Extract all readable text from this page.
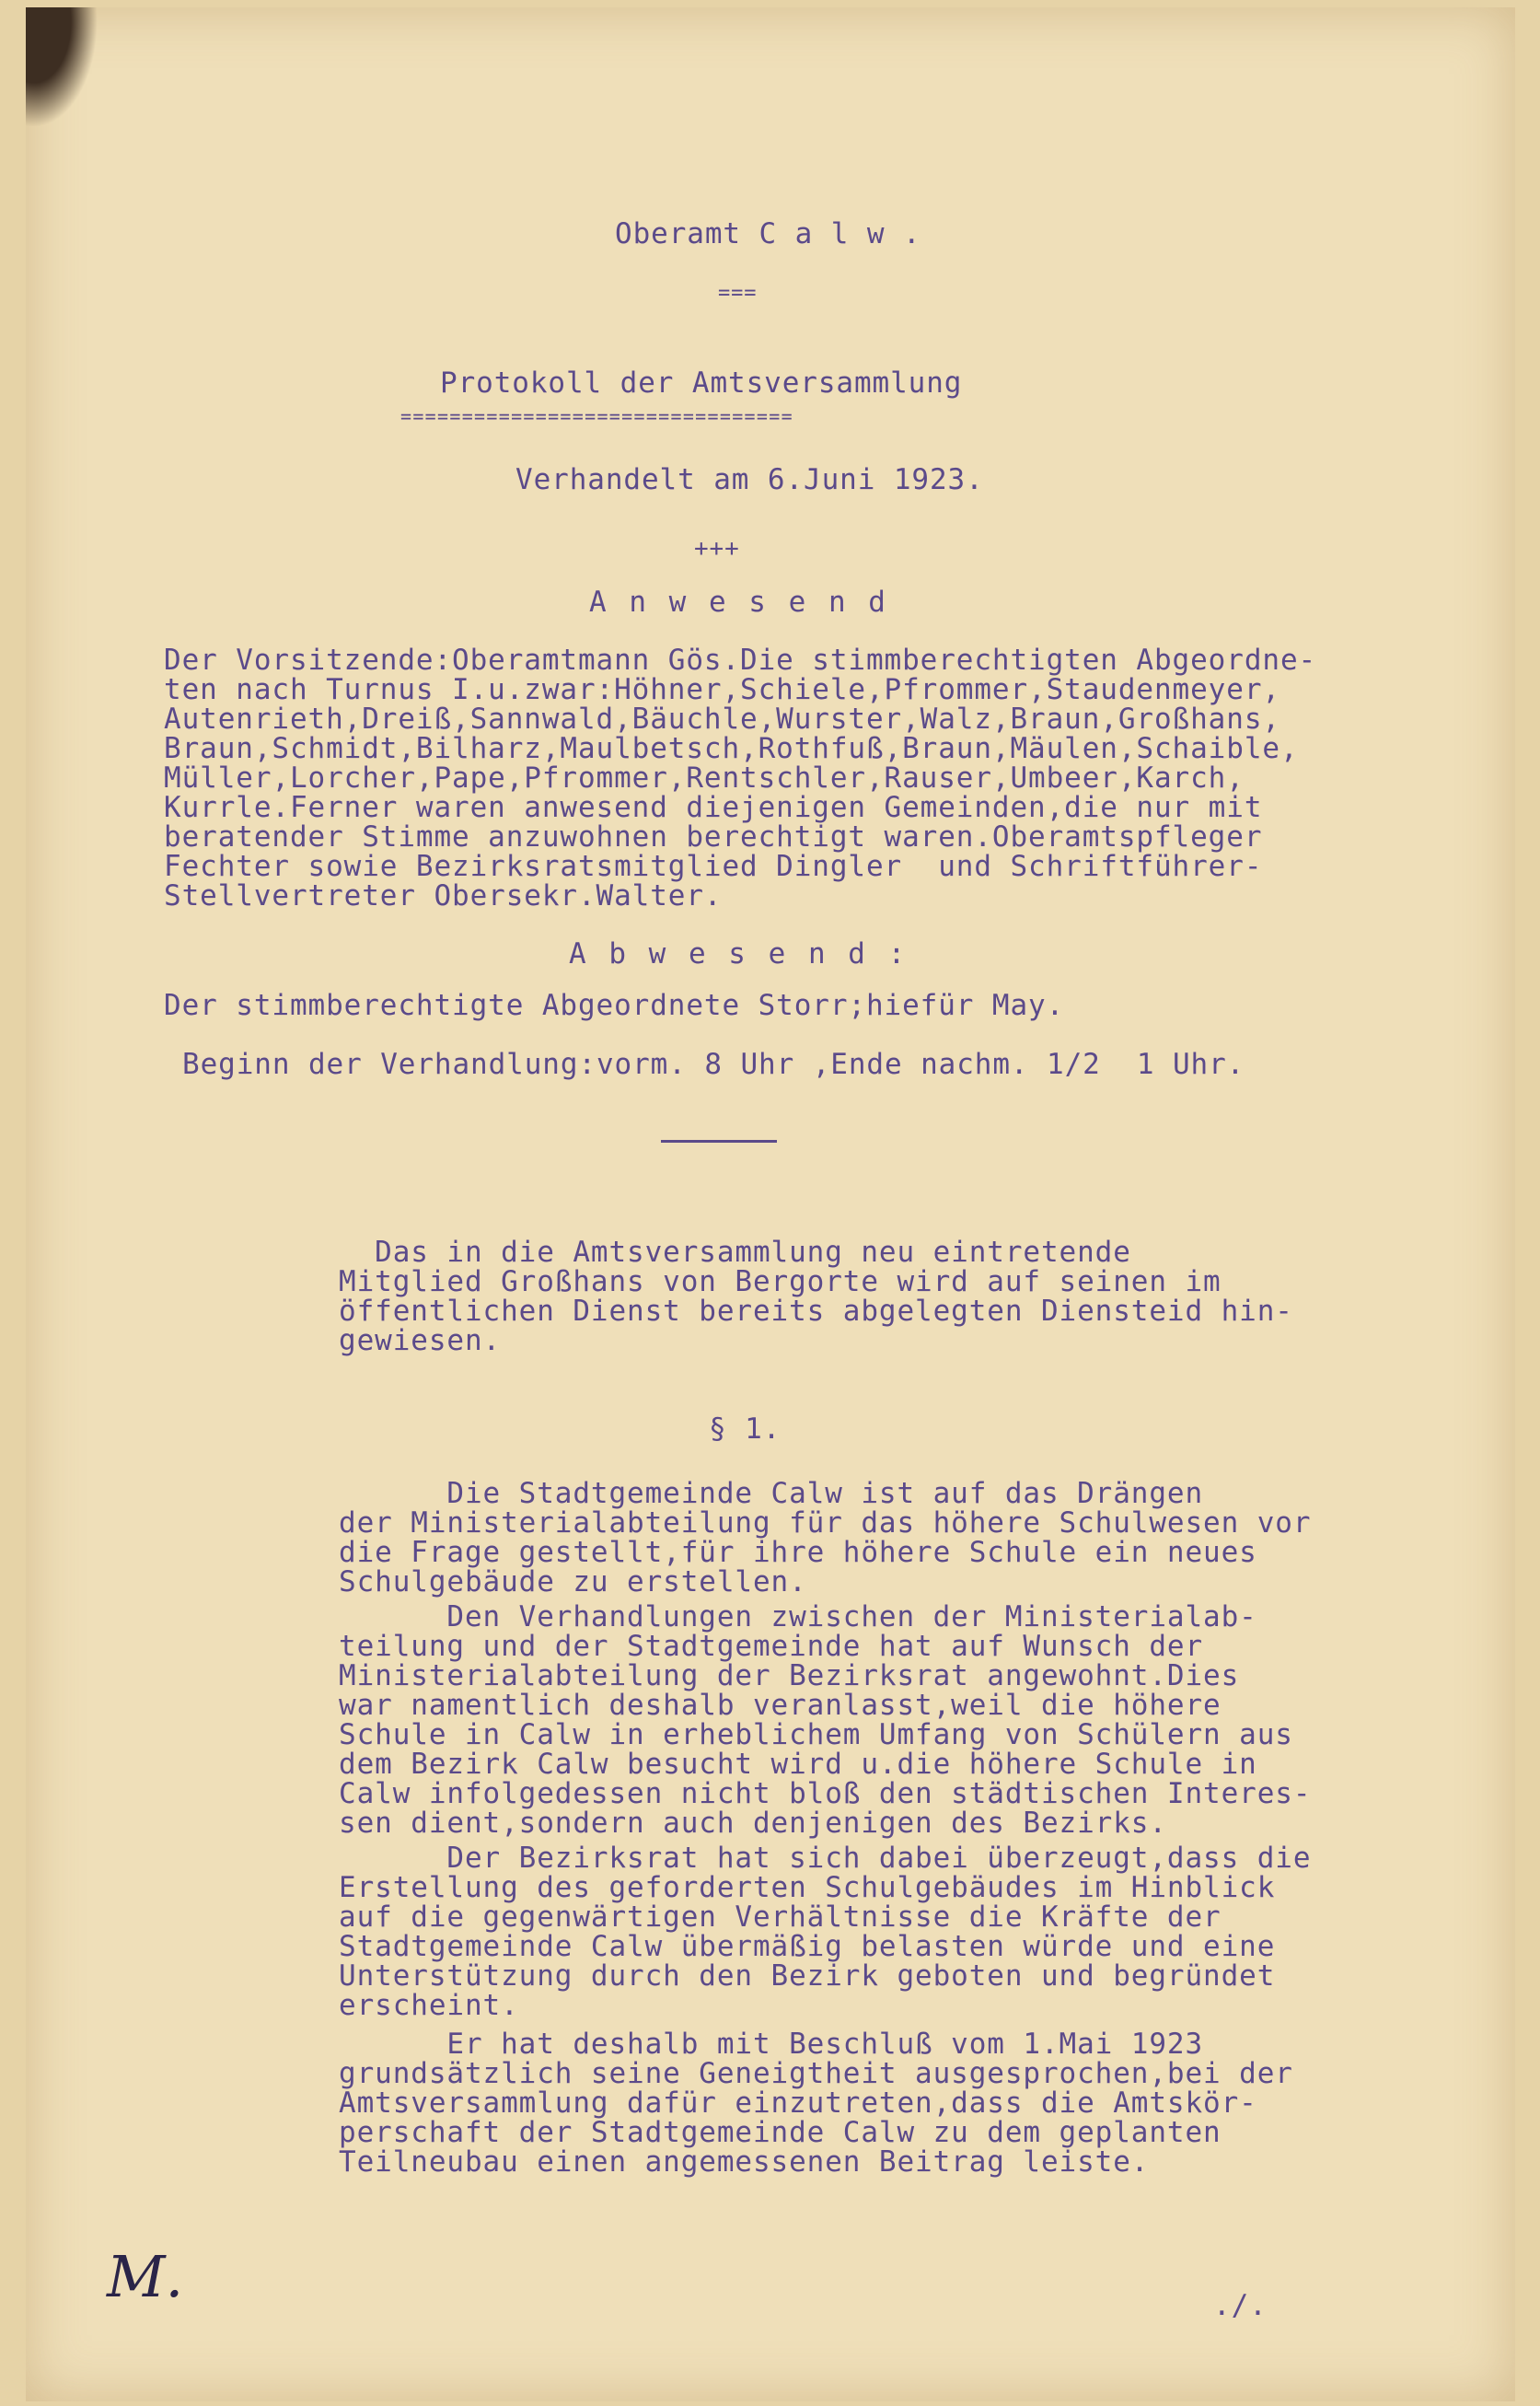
Oberamt C a l w .
===
Protokoll der Amtsversammlung
================================
Verhandelt am 6.Juni 1923.
+++
A n w e s e n d
Der Vorsitzende:Oberamtmann Gös.Die stimmberechtigten Abgeordne-
ten nach Turnus I.u.zwar:Höhner,Schiele,Pfrommer,Staudenmeyer,
Autenrieth,Dreiß,Sannwald,Bäuchle,Wurster,Walz,Braun,Großhans,
Braun,Schmidt,Bilharz,Maulbetsch,Rothfuß,Braun,Mäulen,Schaible,
Müller,Lorcher,Pape,Pfrommer,Rentschler,Rauser,Umbeer,Karch,
Kurrle.Ferner waren anwesend diejenigen Gemeinden,die nur mit
beratender Stimme anzuwohnen berechtigt waren.Oberamtspfleger
Fechter sowie Bezirksratsmitglied Dingler  und Schriftführer-
Stellvertreter Obersekr.Walter.
A b w e s e n d :
Der stimmberechtigte Abgeordnete Storr;hiefür May.
Beginn der Verhandlung:vorm. 8 Uhr ,Ende nachm. 1/2  1 Uhr.
Das in die Amtsversammlung neu eintretende
Mitglied Großhans von Bergorte wird auf seinen im
öffentlichen Dienst bereits abgelegten Diensteid hin-
gewiesen.
§ 1.
Die Stadtgemeinde Calw ist auf das Drängen
der Ministerialabteilung für das höhere Schulwesen vor
die Frage gestellt,für ihre höhere Schule ein neues
Schulgebäude zu erstellen.
Den Verhandlungen zwischen der Ministerialab-
teilung und der Stadtgemeinde hat auf Wunsch der
Ministerialabteilung der Bezirksrat angewohnt.Dies
war namentlich deshalb veranlasst,weil die höhere
Schule in Calw in erheblichem Umfang von Schülern aus
dem Bezirk Calw besucht wird u.die höhere Schule in
Calw infolgedessen nicht bloß den städtischen Interes-
sen dient,sondern auch denjenigen des Bezirks.
Der Bezirksrat hat sich dabei überzeugt,dass die
Erstellung des geforderten Schulgebäudes im Hinblick
auf die gegenwärtigen Verhältnisse die Kräfte der
Stadtgemeinde Calw übermäßig belasten würde und eine
Unterstützung durch den Bezirk geboten und begründet
erscheint.
Er hat deshalb mit Beschluß vom 1.Mai 1923
grundsätzlich seine Geneigtheit ausgesprochen,bei der
Amtsversammlung dafür einzutreten,dass die Amtskör-
perschaft der Stadtgemeinde Calw zu dem geplanten
Teilneubau einen angemessenen Beitrag leiste.
M.	./.
